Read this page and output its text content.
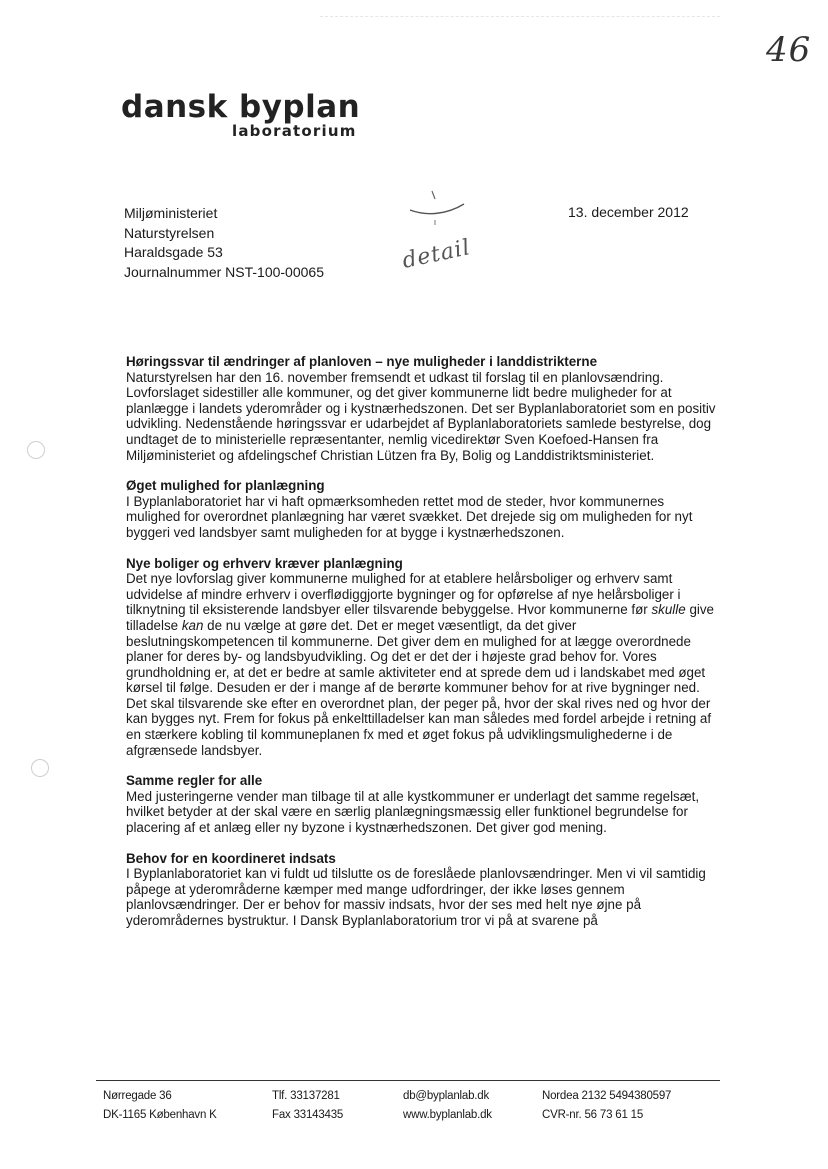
46
dansk byplan
laboratorium
Miljøministeriet
Naturstyrelsen
Haraldsgade 53
Journalnummer NST-100-00065
13. december 2012
detail
Høringssvar til ændringer af planloven – nye muligheder i landdistrikterne

Naturstyrelsen har den 16. november fremsendt et udkast til forslag til en planlovsændring. Lovforslaget sidestiller alle kommuner, og det giver kommunerne lidt bedre muligheder for at planlægge i landets yderområder og i kystnærhedszonen. Det ser Byplanlaboratoriet som en positiv udvikling. Nedenstående høringssvar er udarbejdet af Byplanlaboratoriets samlede bestyrelse, dog undtaget de to ministerielle repræsentanter, nemlig vicedirektør Sven Koefoed-Hansen fra Miljøministeriet og afdelingschef Christian Lützen fra By, Bolig og Landdistriktsministeriet.

Øget mulighed for planlægning

I Byplanlaboratoriet har vi haft opmærksomheden rettet mod de steder, hvor kommunernes mulighed for overordnet planlægning har været svækket. Det drejede sig om muligheden for nyt byggeri ved landsbyer samt muligheden for at bygge i kystnærhedszonen.

Nye boliger og erhverv kræver planlægning

Det nye lovforslag giver kommunerne mulighed for at etablere helårsboliger og erhverv samt udvidelse af mindre erhverv i overflødiggjorte bygninger og for opførelse af nye helårsboliger i tilknytning til eksisterende landsbyer eller tilsvarende bebyggelse. Hvor kommunerne før skulle give tilladelse kan de nu vælge at gøre det. Det er meget væsentligt, da det giver beslutningskompetencen til kommunerne. Det giver dem en mulighed for at lægge overordnede planer for deres by- og landsbyudvikling. Og det er det der i højeste grad behov for. Vores grundholdning er, at det er bedre at samle aktiviteter end at sprede dem ud i landskabet med øget kørsel til følge. Desuden er der i mange af de berørte kommuner behov for at rive bygninger ned. Det skal tilsvarende ske efter en overordnet plan, der peger på, hvor der skal rives ned og hvor der kan bygges nyt. Frem for fokus på enkelttilladelser kan man således med fordel arbejde i retning af en stærkere kobling til kommuneplanen fx med et øget fokus på udviklingsmulighederne i de afgrænsede landsbyer.

Samme regler for alle

Med justeringerne vender man tilbage til at alle kystkommuner er underlagt det samme regelsæt, hvilket betyder at der skal være en særlig planlægningsmæssig eller funktionel begrundelse for placering af et anlæg eller ny byzone i kystnærhedszonen. Det giver god mening.

Behov for en koordineret indsats

I Byplanlaboratoriet kan vi fuldt ud tilslutte os de foreslåede planlovsændringer. Men vi vil samtidig påpege at yderområderne kæmper med mange udfordringer, der ikke løses gennem planlovsændringer. Der er behov for massiv indsats, hvor der ses med helt nye øjne på yderområdernes bystruktur. I Dansk Byplanlaboratorium tror vi på at svarene på

Nørregade 36
DK-1165 København K
Tlf. 33137281
Fax 33143435
db@byplanlab.dk
www.byplanlab.dk
Nordea 2132 5494380597
CVR-nr. 56 73 61 15
